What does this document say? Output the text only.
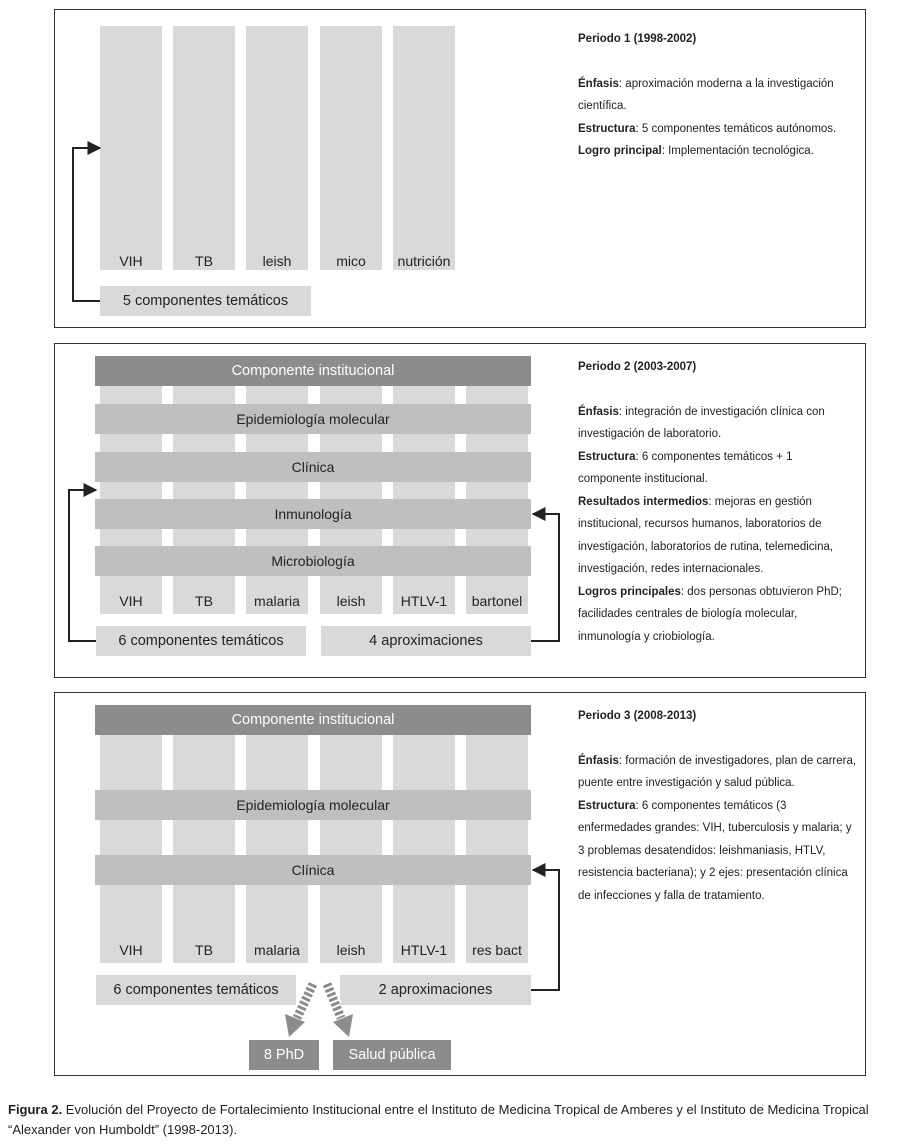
VIH	TB	leish	mico	nutrición
5 componentes temáticos
Periodo 1 (1998-2002)
Énfasis: aproximación moderna a la investigación científica.
Estructura: 5 componentes temáticos autónomos.
Logro principal: Implementación tecnológica.
Componente institucional
Epidemiología molecular
Clínica
Inmunología
Microbiología
VIH	TB	malaria	leish	HTLV-1	bartonel
6 componentes temáticos	4 aproximaciones
Periodo 2 (2003-2007)
Énfasis: integración de investigación clínica con investigación de laboratorio.
Estructura: 6 componentes temáticos + 1 componente institucional.
Resultados intermedios: mejoras en gestión institucional, recursos humanos, laboratorios de investigación, laboratorios de rutina, telemedicina, investigación, redes internacionales.
Logros principales: dos personas obtuvieron PhD; facilidades centrales de biología molecular, inmunología y criobiología.
Componente institucional
Epidemiología molecular
Clínica
VIH	TB	malaria	leish	HTLV-1	res bact
6 componentes temáticos	2 aproximaciones
8 PhD	Salud pública
Periodo 3 (2008-2013)
Énfasis: formación de investigadores, plan de carrera, puente entre investigación y salud pública.
Estructura: 6 componentes temáticos (3 enfermedades grandes: VIH, tuberculosis y malaria; y 3 problemas desatendidos: leishmaniasis, HTLV, resistencia bacteriana); y 2 ejes: presentación clínica de infecciones y falla de tratamiento.
Figura 2. Evolución del Proyecto de Fortalecimiento Institucional entre el Instituto de Medicina Tropical de Amberes y el Instituto de Medicina Tropical “Alexander von Humboldt” (1998-2013).
